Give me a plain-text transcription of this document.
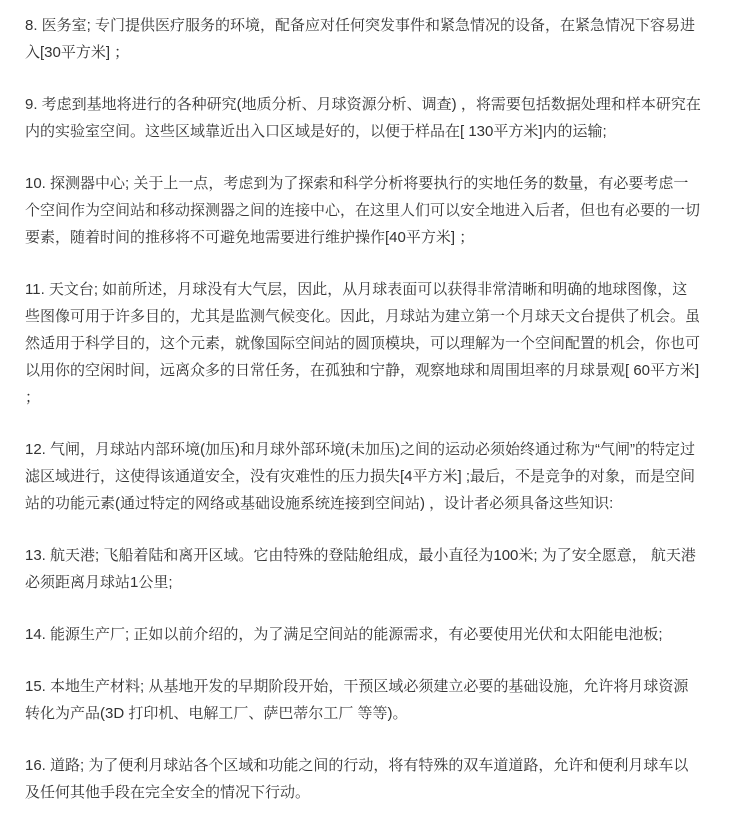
8. 医务室; 专门提供医疗服务的环境，配备应对任何突发事件和紧急情况的设备，在紧急情况下容易进入[30平方米] ；

9. 考虑到基地将进行的各种研究(地质分析、月球资源分析、调查) ，将需要包括数据处理和样本研究在内的实验室空间。这些区域靠近出入口区域是好的，以便于样品在[ 130平方米]内的运输;

10. 探测器中心; 关于上一点，考虑到为了探索和科学分析将要执行的实地任务的数量，有必要考虑一个空间作为空间站和移动探测器之间的连接中心，在这里人们可以安全地进入后者，但也有必要的一切要素，随着时间的推移将不可避免地需要进行维护操作[40平方米] ；

11. 天文台; 如前所述，月球没有大气层，因此，从月球表面可以获得非常清晰和明确的地球图像，这些图像可用于许多目的，尤其是监测气候变化。因此，月球站为建立第一个月球天文台提供了机会。虽然适用于科学目的，这个元素，就像国际空间站的圆顶模块，可以理解为一个空间配置的机会，你也可以用你的空闲时间，远离众多的日常任务，在孤独和宁静，观察地球和周围坦率的月球景观[ 60平方米] ；

12. 气闸，月球站内部环境(加压)和月球外部环境(未加压)之间的运动必须始终通过称为“气闸”的特定过滤区域进行，这使得该通道安全，没有灾难性的压力损失[4平方米] ;最后，不是竞争的对象，而是空间站的功能元素(通过特定的网络或基础设施系统连接到空间站) ，设计者必须具备这些知识:

13. 航天港; 飞船着陆和离开区域。它由特殊的登陆舱组成，最小直径为100米; 为了安全愿意， 航天港必须距离月球站1公里;

14. 能源生产厂; 正如以前介绍的，为了满足空间站的能源需求，有必要使用光伏和太阳能电池板;

15. 本地生产材料; 从基地开发的早期阶段开始，干预区域必须建立必要的基础设施，允许将月球资源转化为产品(3D 打印机、电解工厂、萨巴蒂尔工厂 等等)。

16. 道路; 为了便利月球站各个区域和功能之间的行动，将有特殊的双车道道路，允许和便利月球车以及任何其他手段在完全安全的情况下行动。
